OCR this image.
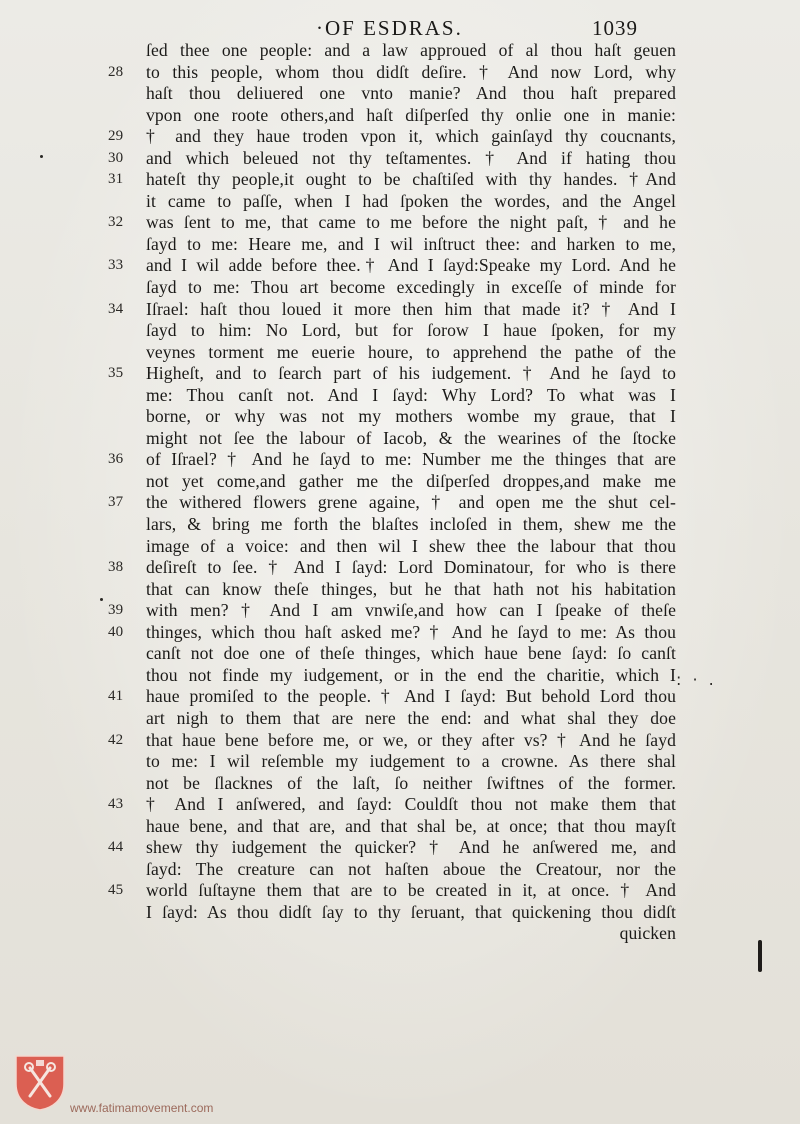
·OF ESDRAS.	1039
ſed thee one people: and a law approued of al thou haſt geuen
28	to this people, whom thou didſt deſire. † And now Lord, why
haſt thou deliuered one vnto manie? And thou haſt prepared
vpon one roote others,and haſt diſperſed thy onlie one in manie:
29	† and they haue troden vpon it, which gainſayd thy coucnants,
30	and which beleued not thy teſtamentes. † And if hating thou
31	hateſt thy people,it ought to be chaſtiſed with thy handes. †And
it came to paſſe, when I had ſpoken the wordes, and the Angel
32	was ſent to me, that came to me before the night paſt, † and he
ſayd to me: Heare me, and I wil inſtruct thee: and harken to me,
33	and I wil adde before thee.† And I ſayd:Speake my Lord. And he
ſayd to me: Thou art become excedingly in exceſſe of minde for
34	Iſrael: haſt thou loued it more then him that made it? † And I
ſayd to him: No Lord, but for ſorow I haue ſpoken, for my
veynes torment me euerie houre, to apprehend the pathe of the
35	Higheſt, and to ſearch part of his iudgement. † And he ſayd to
me: Thou canſt not. And I ſayd: Why Lord? To what was I
borne, or why was not my mothers wombe my graue, that I
might not ſee the labour of Iacob, & the wearines of the ſtocke
36	of Iſrael? † And he ſayd to me: Number me the thinges that are
not yet come,and gather me the diſperſed droppes,and make me
37	the withered flowers grene againe, † and open me the shut cel-
lars, & bring me forth the blaſtes incloſed in them, shew me the
image of a voice: and then wil I shew thee the labour that thou
38	deſireſt to ſee. † And I ſayd: Lord Dominatour, for who is there
that can know theſe thinges, but he that hath not his habitation
39	with men? † And I am vnwiſe,and how can I ſpeake of theſe
40	thinges, which thou haſt asked me? † And he ſayd to me: As thou
canſt not doe one of theſe thinges, which haue bene ſayd: ſo canſt
thou not finde my iudgement, or in the end the charitie, which I
41	haue promiſed to the people. † And I ſayd: But behold Lord thou
art nigh to them that are nere the end: and what shal they doe
42	that haue bene before me, or we, or they after vs? † And he ſayd
to me: I wil reſemble my iudgement to a crowne. As there shal
not be ſlacknes of the laſt, ſo neither ſwiftnes of the former.
43	† And I anſwered, and ſayd: Couldſt thou not make them that
haue bene, and that are, and that shal be, at once; that thou mayſt
44	shew thy iudgement the quicker? † And he anſwered me, and
ſayd: The creature can not haſten aboue the Creatour, nor the
45	world ſuſtayne them that are to be created in it, at once. † And
I ſayd: As thou didſt ſay to thy ſeruant, that quickening thou didſt
quicken
: · .
www.fatimamovement.com
